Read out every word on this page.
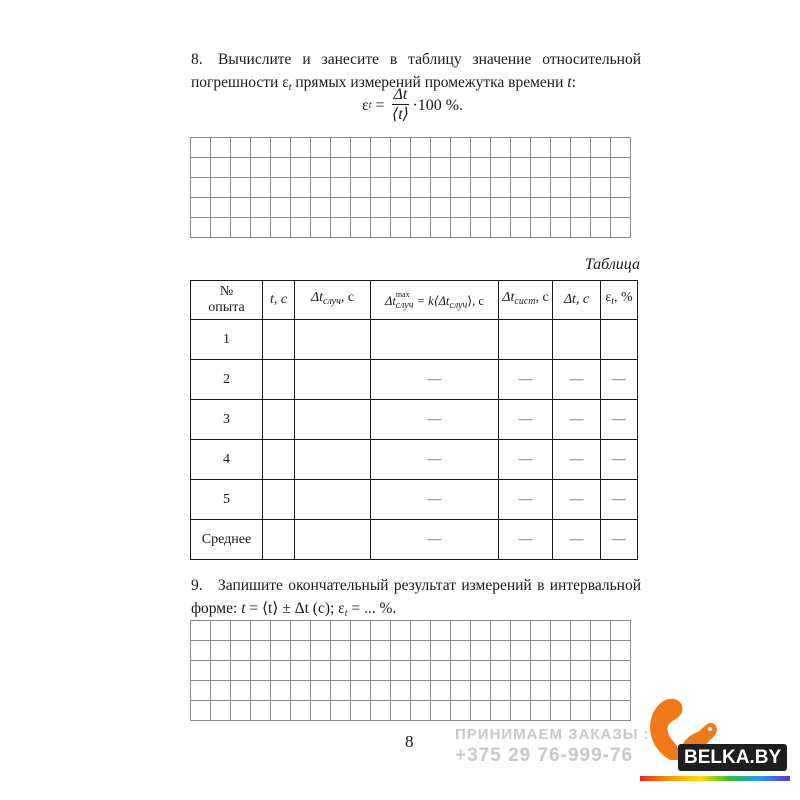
8. Вычислите и занесите в таблицу значение относительной погрешности $\varepsilon_t$ прямых измерений промежутка времени t:
ε $t = \frac{\Delta t}{⟨t⟩} \cdot 100$ %.
Таблица
№
опыта	t, с	$\Delta t_{случ}$, с	$\Delta t^{max}_{случ}$ = $k⟨\Delta t_{случ}⟩$, с	$\Delta t_{сист}$, с	Δt, с	$\varepsilon_t$, %
1						
2			—	—	—	—
3			—	—	—	—
4			—	—	—	—
5			—	—	—	—
Среднее			—	—	—	—
9. Запишите окончательный результат измерений в интервальной форме: t = ⟨t⟩ ± Δt (с); $\varepsilon_t$ = ... %.
8	ПРИНИМАЕМ ЗАКАЗЫ :
+375 29 76-999-76	BELKA.BY
